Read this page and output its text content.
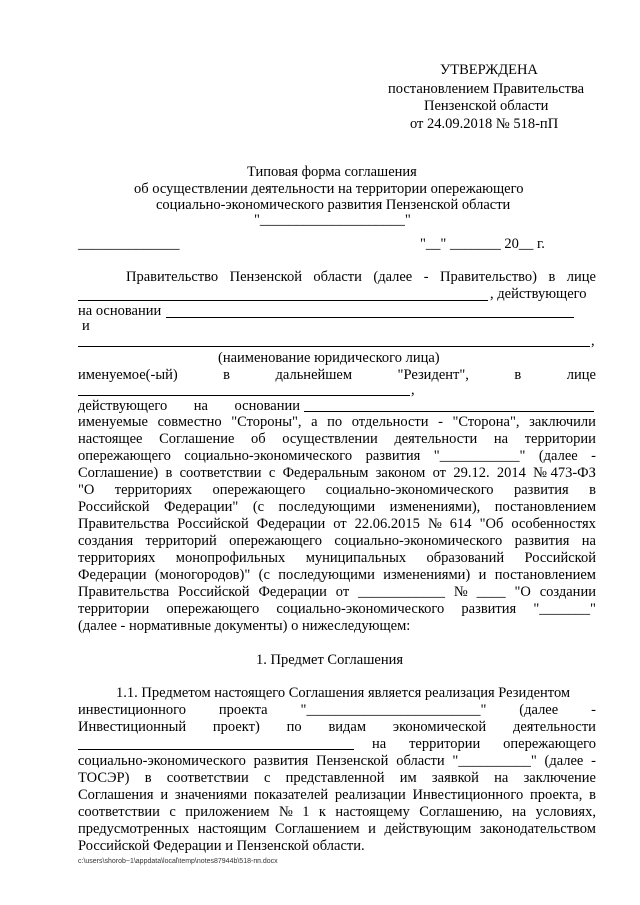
УТВЕРЖДЕНА
постановлением Правительства
Пензенской области
от 24.09.2018 № 518-пП
Типовая форма соглашения
об осуществлении деятельности на территории опережающего
социально-экономического развития Пензенской области
"____________________"
______________	"__" _______ 20__ г.
Правительство Пензенской области (далее - Правительство) в лице
, действующего
на основании
и
,
(наименование юридического лица)
именуемое(-ый)	в	дальнейшем	"Резидент",	в	лице
,
действующего на основании
именуемые совместно "Стороны", а по отдельности - "Сторона", заключили
настоящее Соглашение об осуществлении деятельности на территории
опережающего социально-экономического развития "___________" (далее -
Соглашение) в соответствии с Федеральным законом от 29.12. 2014 № 473-ФЗ
"О территориях опережающего социально-экономического развития в
Российской Федерации" (с последующими изменениями), постановлением
Правительства Российской Федерации от 22.06.2015 № 614 "Об особенностях
создания территорий опережающего социально-экономического развития на
территориях монопрофильных муниципальных образований Российской
Федерации (моногородов)" (с последующими изменениями) и постановлением
Правительства Российской Федерации от ____________ № ____ "О создании
территории опережающего социально-экономического развития "_______"
(далее - нормативные документы) о нижеследующем:
1. Предмет Соглашения
1.1. Предметом настоящего Соглашения является реализация Резидентом
инвестиционного проекта "________________________" (далее -
Инвестиционный проект) по видам экономической деятельности
на территории опережающего
социально-экономического развития Пензенской области "__________" (далее -
ТОСЭР) в соответствии с представленной им заявкой на заключение
Соглашения и значениями показателей реализации Инвестиционного проекта, в
соответствии с приложением № 1 к настоящему Соглашению, на условиях,
предусмотренных настоящим Соглашением и действующим законодательством
Российской Федерации и Пензенской области.
c:\users\shorob~1\appdata\local\temp\notes87944b\518-пп.docx
